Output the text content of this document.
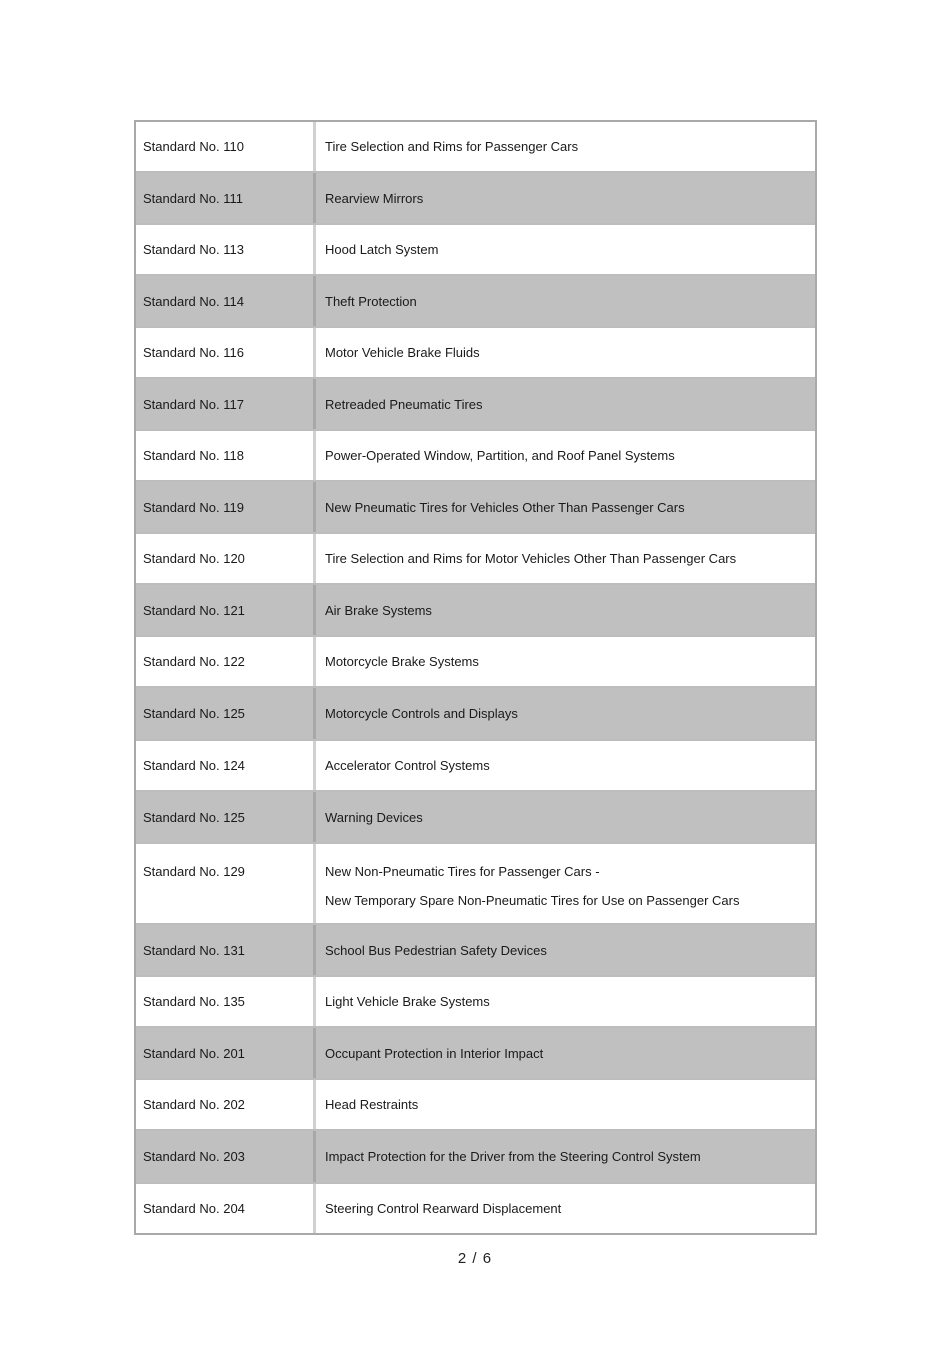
Standard No. 110	Tire Selection and Rims for Passenger Cars
Standard No. 111	Rearview Mirrors
Standard No. 113	Hood Latch System
Standard No. 114	Theft Protection
Standard No. 116	Motor Vehicle Brake Fluids
Standard No. 117	Retreaded Pneumatic Tires
Standard No. 118	Power-Operated Window, Partition, and Roof Panel Systems
Standard No. 119	New Pneumatic Tires for Vehicles Other Than Passenger Cars
Standard No. 120	Tire Selection and Rims for Motor Vehicles Other Than Passenger Cars
Standard No. 121	Air Brake Systems
Standard No. 122	Motorcycle Brake Systems
Standard No. 125	Motorcycle Controls and Displays
Standard No. 124	Accelerator Control Systems
Standard No. 125	Warning Devices
Standard No. 129	New Non-Pneumatic Tires for Passenger Cars -
New Temporary Spare Non-Pneumatic Tires for Use on Passenger Cars
Standard No. 131	School Bus Pedestrian Safety Devices
Standard No. 135	Light Vehicle Brake Systems
Standard No. 201	Occupant Protection in Interior Impact
Standard No. 202	Head Restraints
Standard No. 203	Impact Protection for the Driver from the Steering Control System
Standard No. 204	Steering Control Rearward Displacement
2 / 6
